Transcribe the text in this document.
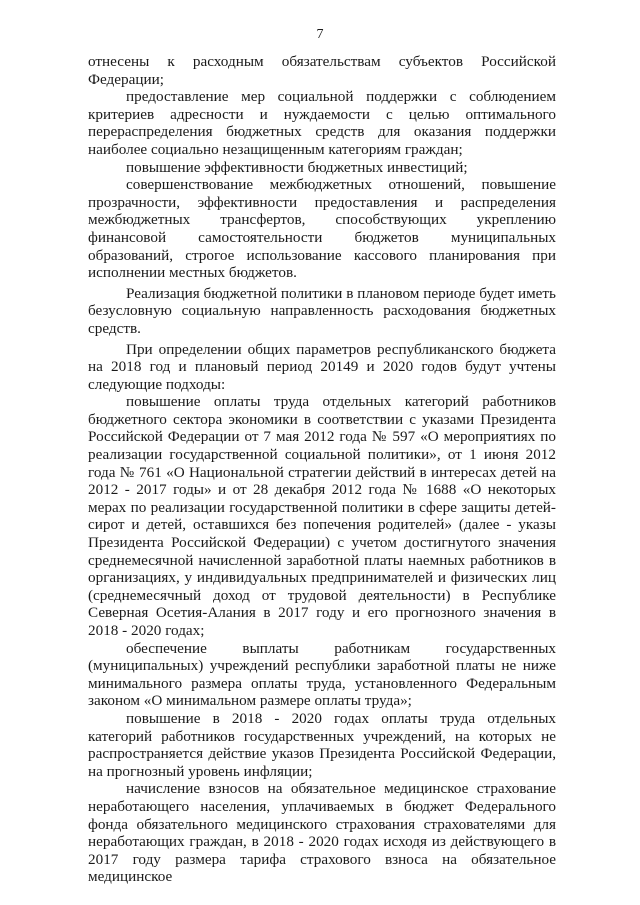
7

отнесены к расходным обязательствам субъектов Российской Федерации;

предоставление мер социальной поддержки с соблюдением критериев адресности и нуждаемости с целью оптимального перераспределения бюджетных средств для оказания поддержки наиболее социально незащищенным категориям граждан;

повышение эффективности бюджетных инвестиций;

совершенствование межбюджетных отношений, повышение прозрачности, эффективности предоставления и распределения межбюджетных трансфертов, способствующих укреплению финансовой самостоятельности бюджетов муниципальных образований, строгое использование кассового планирования при исполнении местных бюджетов.

Реализация бюджетной политики в плановом периоде будет иметь безусловную социальную направленность расходования бюджетных средств.

При определении общих параметров республиканского бюджета на 2018 год и плановый период 20149 и 2020 годов будут учтены следующие подходы:

повышение оплаты труда отдельных категорий работников бюджетного сектора экономики в соответствии с указами Президента Российской Федерации от 7 мая 2012 года № 597 «О мероприятиях по реализации государственной социальной политики», от 1 июня 2012 года № 761 «О Национальной стратегии действий в интересах детей на 2012 - 2017 годы» и от 28 декабря 2012 года № 1688 «О некоторых мерах по реализации государственной политики в сфере защиты детей-сирот и детей, оставшихся без попечения родителей» (далее - указы Президента Российской Федерации) с учетом достигнутого значения среднемесячной начисленной заработной платы наемных работников в организациях, у индивидуальных предпринимателей и физических лиц (среднемесячный доход от трудовой деятельности) в Республике Северная Осетия-Алания в 2017 году и его прогнозного значения в 2018 - 2020 годах;

обеспечение выплаты работникам государственных (муниципальных) учреждений республики заработной платы не ниже минимального размера оплаты труда, установленного Федеральным законом «О минимальном размере оплаты труда»;

повышение в 2018 - 2020 годах оплаты труда отдельных категорий работников государственных учреждений, на которых не распространяется действие указов Президента Российской Федерации, на прогнозный уровень инфляции;

начисление взносов на обязательное медицинское страхование неработающего населения, уплачиваемых в бюджет Федерального фонда обязательного медицинского страхования страхователями для неработающих граждан, в 2018 - 2020 годах исходя из действующего в 2017 году размера тарифа страхового взноса на обязательное медицинское
